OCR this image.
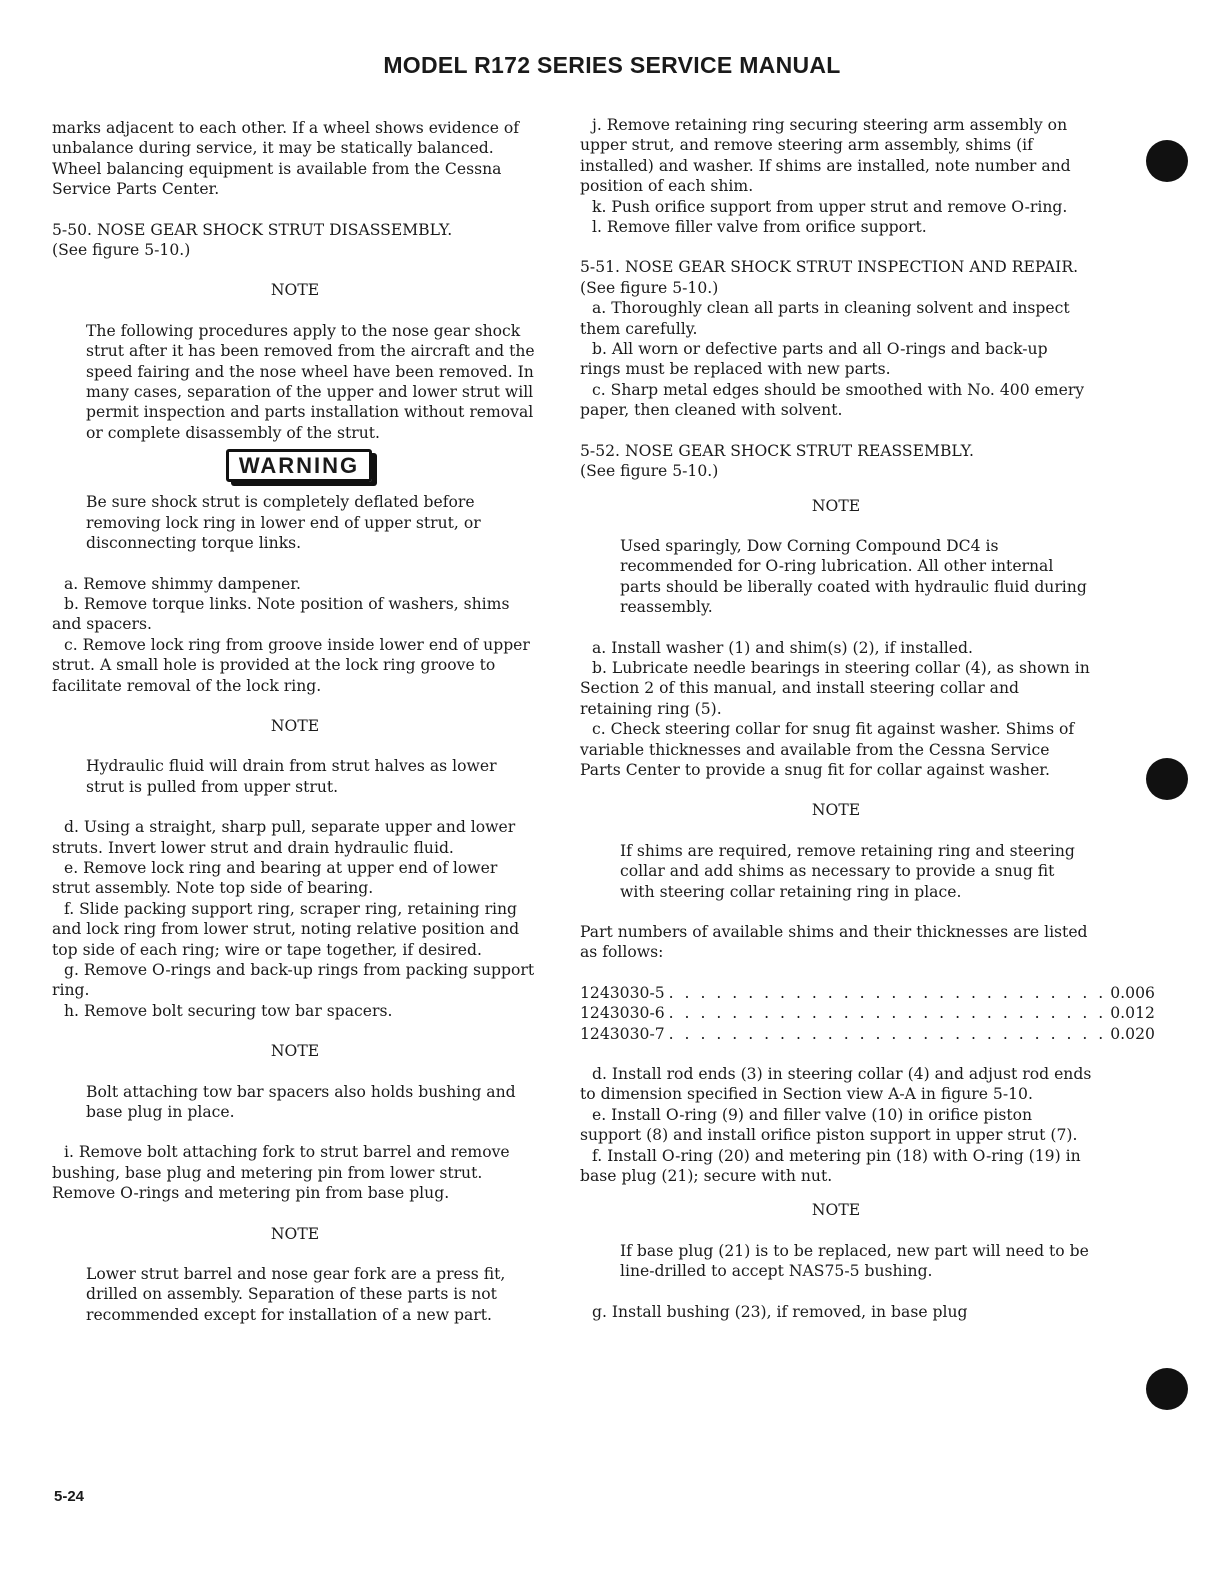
MODEL R172 SERIES SERVICE MANUAL

marks adjacent to each other. If a wheel shows evidence of unbalance during service, it may be statically balanced. Wheel balancing equipment is available from the Cessna Service Parts Center.

5-50. NOSE GEAR SHOCK STRUT DISASSEMBLY.

(See figure 5-10.)

NOTE

The following procedures apply to the nose gear shock strut after it has been removed from the aircraft and the speed fairing and the nose wheel have been removed. In many cases, separation of the upper and lower strut will permit inspection and parts installation without removal or complete disassembly of the strut.

WARNING

Be sure shock strut is completely deflated before removing lock ring in lower end of upper strut, or disconnecting torque links.

a. Remove shimmy dampener.

b. Remove torque links. Note position of washers, shims and spacers.

c. Remove lock ring from groove inside lower end of upper strut. A small hole is provided at the lock ring groove to facilitate removal of the lock ring.

NOTE

Hydraulic fluid will drain from strut halves as lower strut is pulled from upper strut.

d. Using a straight, sharp pull, separate upper and lower struts. Invert lower strut and drain hydraulic fluid.

e. Remove lock ring and bearing at upper end of lower strut assembly. Note top side of bearing.

f. Slide packing support ring, scraper ring, retaining ring and lock ring from lower strut, noting relative position and top side of each ring; wire or tape together, if desired.

g. Remove O-rings and back-up rings from packing support ring.

h. Remove bolt securing tow bar spacers.

NOTE

Bolt attaching tow bar spacers also holds bushing and base plug in place.

i. Remove bolt attaching fork to strut barrel and remove bushing, base plug and metering pin from lower strut. Remove O-rings and metering pin from base plug.

NOTE

Lower strut barrel and nose gear fork are a press fit, drilled on assembly. Separation of these parts is not recommended except for installation of a new part.

j. Remove retaining ring securing steering arm assembly on upper strut, and remove steering arm assembly, shims (if installed) and washer. If shims are installed, note number and position of each shim.

k. Push orifice support from upper strut and remove O-ring.

l. Remove filler valve from orifice support.

5-51. NOSE GEAR SHOCK STRUT INSPECTION AND REPAIR. (See figure 5-10.)

a. Thoroughly clean all parts in cleaning solvent and inspect them carefully.

b. All worn or defective parts and all O-rings and back-up rings must be replaced with new parts.

c. Sharp metal edges should be smoothed with No. 400 emery paper, then cleaned with solvent.

5-52. NOSE GEAR SHOCK STRUT REASSEMBLY.

(See figure 5-10.)

NOTE

Used sparingly, Dow Corning Compound DC4 is recommended for O-ring lubrication. All other internal parts should be liberally coated with hydraulic fluid during reassembly.

a. Install washer (1) and shim(s) (2), if installed.

b. Lubricate needle bearings in steering collar (4), as shown in Section 2 of this manual, and install steering collar and retaining ring (5).

c. Check steering collar for snug fit against washer. Shims of variable thicknesses and available from the Cessna Service Parts Center to provide a snug fit for collar against washer.

NOTE

If shims are required, remove retaining ring and steering collar and add shims as necessary to provide a snug fit with steering collar retaining ring in place.

Part numbers of available shims and their thicknesses are listed as follows:

1243030-5 . . . . . . . . . . . . . . . . . . . . . . . . . . . . 0.006
1243030-6 . . . . . . . . . . . . . . . . . . . . . . . . . . . . 0.012
1243030-7 . . . . . . . . . . . . . . . . . . . . . . . . . . . . 0.020

d. Install rod ends (3) in steering collar (4) and adjust rod ends to dimension specified in Section view A-A in figure 5-10.

e. Install O-ring (9) and filler valve (10) in orifice piston support (8) and install orifice piston support in upper strut (7).

f. Install O-ring (20) and metering pin (18) with O-ring (19) in base plug (21); secure with nut.

NOTE

If base plug (21) is to be replaced, new part will need to be line-drilled to accept NAS75-5 bushing.

g. Install bushing (23), if removed, in base plug

5-24
